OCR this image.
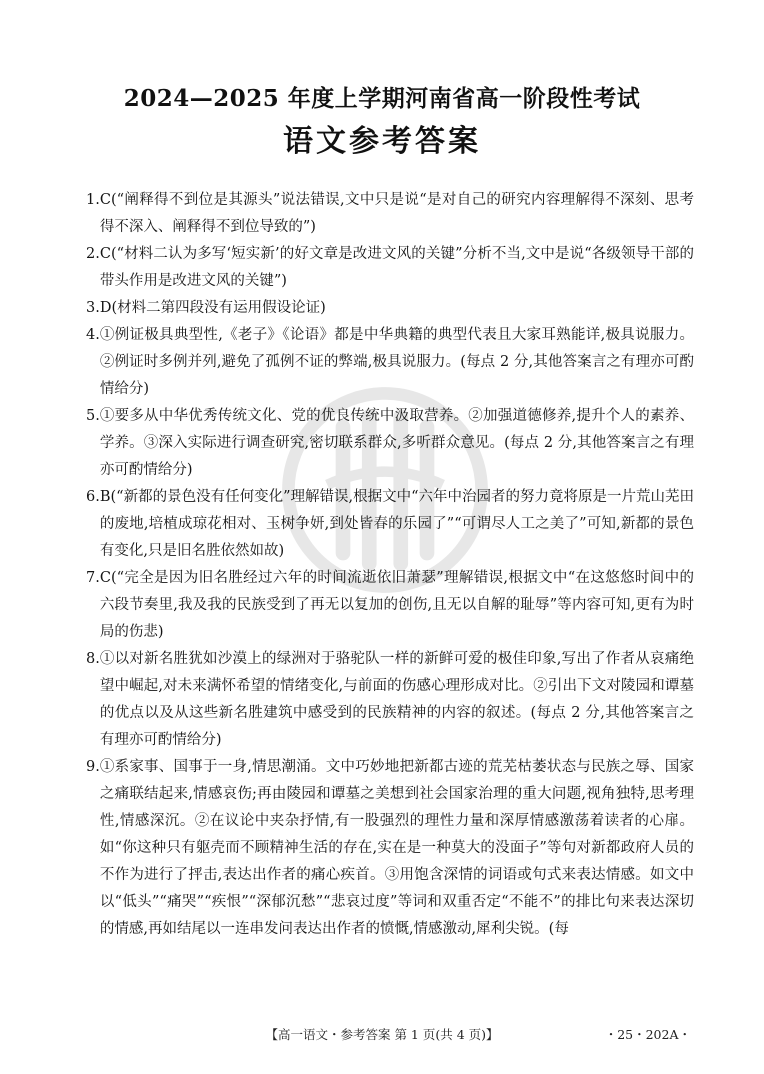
2024—2025 年度上学期河南省高一阶段性考试
语文参考答案
1. C(“阐释得不到位是其源头”说法错误,文中只是说“是对自己的研究内容理解得不深刻、思考得不深入、阐释得不到位导致的”)
2. C(“材料二认为多写‘短实新’的好文章是改进文风的关键”分析不当,文中是说“各级领导干部的带头作用是改进文风的关键”)
3. D(材料二第四段没有运用假设论证)
4. ①例证极具典型性,《老子》《论语》都是中华典籍的典型代表且大家耳熟能详,极具说服力。②例证时多例并列,避免了孤例不证的弊端,极具说服力。(每点 2 分,其他答案言之有理亦可酌情给分)
5. ①要多从中华优秀传统文化、党的优良传统中汲取营养。②加强道德修养,提升个人的素养、学养。③深入实际进行调查研究,密切联系群众,多听群众意见。(每点 2 分,其他答案言之有理亦可酌情给分)
6. B(“新都的景色没有任何变化”理解错误,根据文中“六年中治园者的努力竟将原是一片荒山芜田的废地,培植成琼花相对、玉树争妍,到处皆春的乐园了”“可谓尽人工之美了”可知,新都的景色有变化,只是旧名胜依然如故)
7. C(“完全是因为旧名胜经过六年的时间流逝依旧萧瑟”理解错误,根据文中“在这悠悠时间中的六段节奏里,我及我的民族受到了再无以复加的创伤,且无以自解的耻辱”等内容可知,更有为时局的伤悲)
8. ①以对新名胜犹如沙漠上的绿洲对于骆驼队一样的新鲜可爱的极佳印象,写出了作者从哀痛绝望中崛起,对未来满怀希望的情绪变化,与前面的伤感心理形成对比。②引出下文对陵园和谭墓的优点以及从这些新名胜建筑中感受到的民族精神的内容的叙述。(每点 2 分,其他答案言之有理亦可酌情给分)
9. ①系家事、国事于一身,情思潮涌。文中巧妙地把新都古迹的荒芜枯萎状态与民族之辱、国家之痛联结起来,情感哀伤;再由陵园和谭墓之美想到社会国家治理的重大问题,视角独特,思考理性,情感深沉。②在议论中夹杂抒情,有一股强烈的理性力量和深厚情感激荡着读者的心扉。如“你这种只有躯壳而不顾精神生活的存在,实在是一种莫大的没面子”等句对新都政府人员的不作为进行了抨击,表达出作者的痛心疾首。③用饱含深情的词语或句式来表达情感。如文中以“低头”“痛哭”“疾恨”“深郁沉愁”“悲哀过度”等词和双重否定“不能不”的排比句来表达深切的情感,再如结尾以一连串发问表达出作者的愤慨,情感激动,犀利尖锐。(每
【高一语文・参考答案 第 1 页(共 4 页)】	・25・202A・
